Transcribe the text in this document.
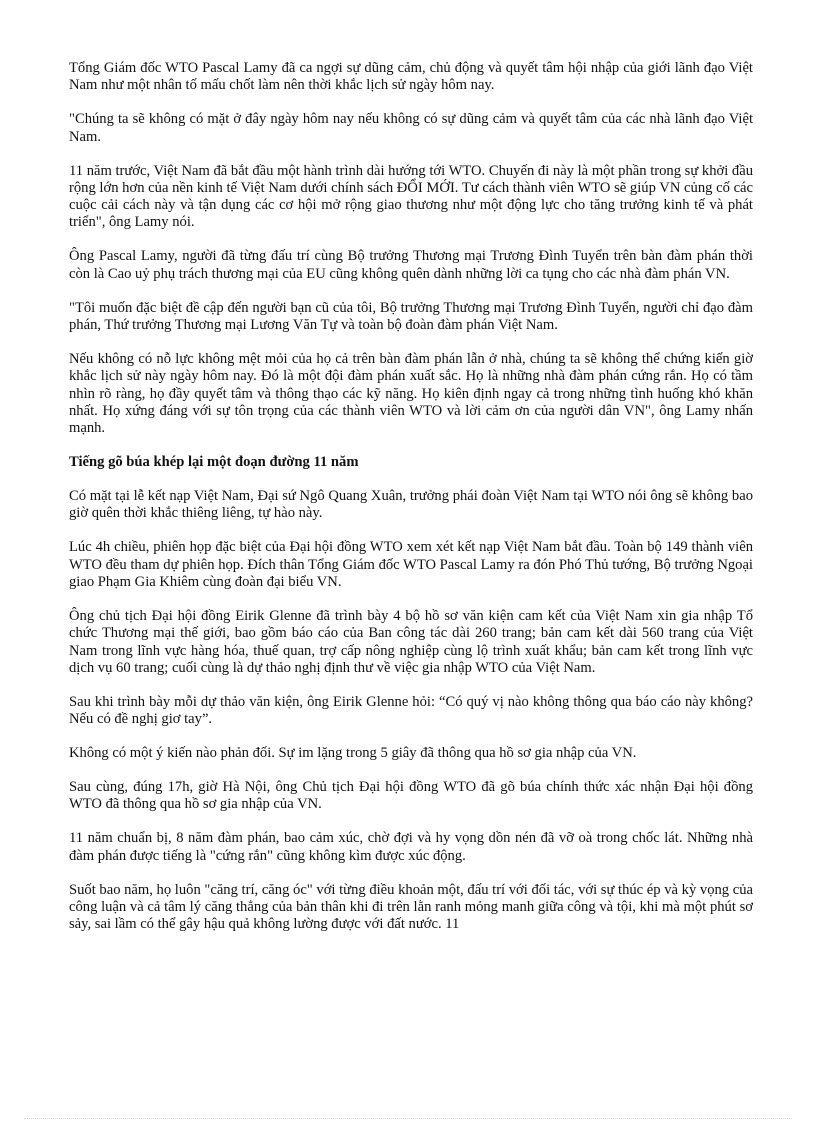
Tổng Giám đốc WTO Pascal Lamy đã ca ngợi sự dũng cảm, chủ động và quyết tâm hội nhập của giới lãnh đạo Việt Nam như một nhân tố mấu chốt làm nên thời khắc lịch sử ngày hôm nay.

"Chúng ta sẽ không có mặt ở đây ngày hôm nay nếu không có sự dũng cảm và quyết tâm của các nhà lãnh đạo Việt Nam.

11 năm trước, Việt Nam đã bắt đầu một hành trình dài hướng tới WTO. Chuyến đi này là một phần trong sự khởi đầu rộng lớn hơn của nền kinh tế Việt Nam dưới chính sách ĐỔI MỚI. Tư cách thành viên WTO sẽ giúp VN củng cố các cuộc cải cách này và tận dụng các cơ hội mở rộng giao thương như một động lực cho tăng trưởng kinh tế và phát triển", ông Lamy nói.

Ông Pascal Lamy, người đã từng đấu trí cùng Bộ trưởng Thương mại Trương Đình Tuyển trên bàn đàm phán thời còn là Cao uỷ phụ trách thương mại của EU cũng không quên dành những lời ca tụng cho các nhà đàm phán VN.

"Tôi muốn đặc biệt đề cập đến người bạn cũ của tôi, Bộ trưởng Thương mại Trương Đình Tuyển, người chỉ đạo đàm phán, Thứ trưởng Thương mại Lương Văn Tự và toàn bộ đoàn đàm phán Việt Nam.

Nếu không có nỗ lực không mệt mỏi của họ cả trên bàn đàm phán lẫn ở nhà, chúng ta sẽ không thể chứng kiến giờ khắc lịch sử này ngày hôm nay. Đó là một đội đàm phán xuất sắc. Họ là những nhà đàm phán cứng rắn. Họ có tầm nhìn rõ ràng, họ đầy quyết tâm và thông thạo các kỹ năng. Họ kiên định ngay cả trong những tình huống khó khăn nhất. Họ xứng đáng với sự tôn trọng của các thành viên WTO và lời cảm ơn của người dân VN", ông Lamy nhấn mạnh.

Tiếng gõ búa khép lại một đoạn đường 11 năm

Có mặt tại lễ kết nạp Việt Nam, Đại sứ Ngô Quang Xuân, trưởng phái đoàn Việt Nam tại WTO nói ông sẽ không bao giờ quên thời khắc thiêng liêng, tự hào này.

Lúc 4h chiều, phiên họp đặc biệt của Đại hội đồng WTO xem xét kết nạp Việt Nam bắt đầu. Toàn bộ 149 thành viên WTO đều tham dự phiên họp. Đích thân Tổng Giám đốc WTO Pascal Lamy ra đón Phó Thủ tướng, Bộ trưởng Ngoại giao Phạm Gia Khiêm cùng đoàn đại biểu VN.

Ông chủ tịch Đại hội đồng Eirik Glenne đã trình bày 4 bộ hồ sơ văn kiện cam kết của Việt Nam xin gia nhập Tổ chức Thương mại thế giới, bao gồm báo cáo của Ban công tác dài 260 trang; bản cam kết dài 560 trang của Việt Nam trong lĩnh vực hàng hóa, thuế quan, trợ cấp nông nghiệp cùng lộ trình xuất khẩu; bản cam kết trong lĩnh vực dịch vụ 60 trang; cuối cùng là dự thảo nghị định thư về việc gia nhập WTO của Việt Nam.

Sau khi trình bày mỗi dự thảo văn kiện, ông Eirik Glenne hỏi: “Có quý vị nào không thông qua báo cáo này không? Nếu có đề nghị giơ tay”.

Không có một ý kiến nào phản đối. Sự im lặng trong 5 giây đã thông qua hồ sơ gia nhập của VN.

Sau cùng, đúng 17h, giờ Hà Nội, ông Chủ tịch Đại hội đồng WTO đã gõ búa chính thức xác nhận Đại hội đồng WTO đã thông qua hồ sơ gia nhập của VN.

11 năm chuẩn bị, 8 năm đàm phán, bao cảm xúc, chờ đợi và hy vọng dồn nén đã vỡ oà trong chốc lát. Những nhà đàm phán được tiếng là "cứng rắn" cũng không kìm được xúc động.

Suốt bao năm, họ luôn "căng trí, căng óc" với từng điều khoản một, đấu trí với đối tác, với sự thúc ép và kỳ vọng của công luận và cả tâm lý căng thẳng của bản thân khi đi trên lằn ranh mỏng manh giữa công và tội, khi mà một phút sơ sảy, sai lầm có thể gây hậu quả không lường được với đất nước. 11
